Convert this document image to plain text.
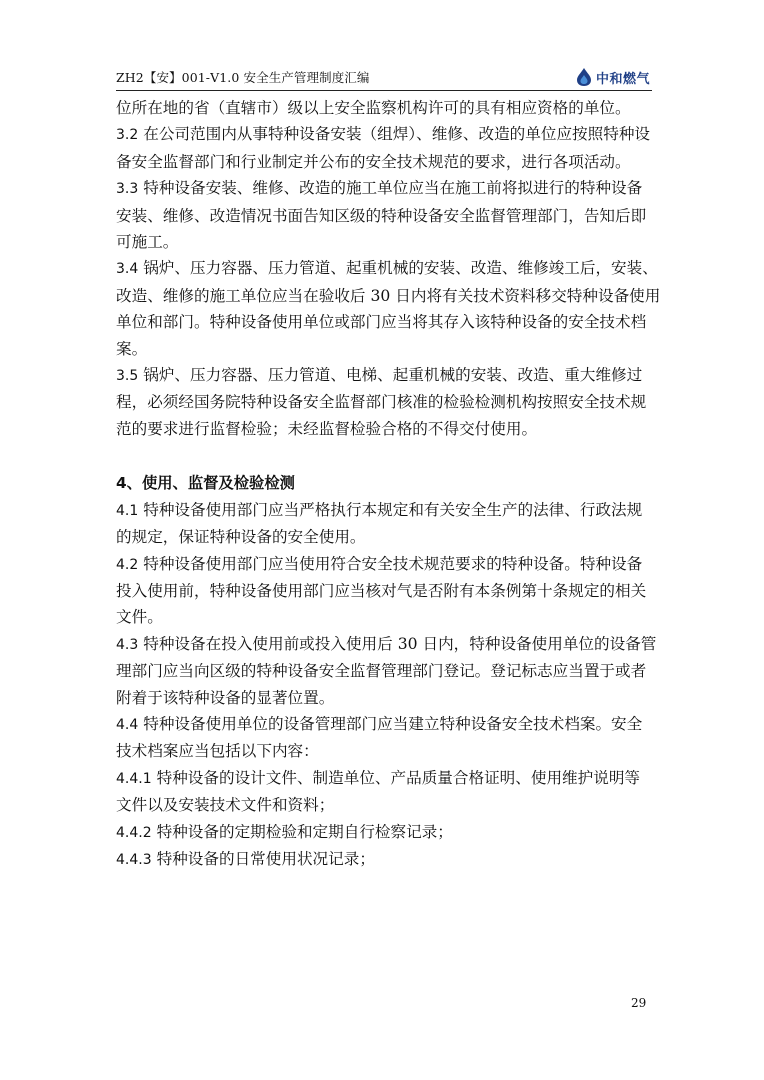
ZH2【安】001-V1.0 安全生产管理制度汇编	中和燃气

位所在地的省（直辖市）级以上安全监察机构许可的具有相应资格的单位。

3.2 在公司范围内从事特种设备安装（组焊）、维修、改造的单位应按照特种设

备安全监督部门和行业制定并公布的安全技术规范的要求，进行各项活动。

3.3 特种设备安装、维修、改造的施工单位应当在施工前将拟进行的特种设备

安装、维修、改造情况书面告知区级的特种设备安全监督管理部门，告知后即

可施工。

3.4 锅炉、压力容器、压力管道、起重机械的安装、改造、维修竣工后，安装、

改造、维修的施工单位应当在验收后 30 日内将有关技术资料移交特种设备使用

单位和部门。特种设备使用单位或部门应当将其存入该特种设备的安全技术档

案。

3.5 锅炉、压力容器、压力管道、电梯、起重机械的安装、改造、重大维修过

程，必须经国务院特种设备安全监督部门核准的检验检测机构按照安全技术规

范的要求进行监督检验；未经监督检验合格的不得交付使用。

4、使用、监督及检验检测

4.1 特种设备使用部门应当严格执行本规定和有关安全生产的法律、行政法规

的规定，保证特种设备的安全使用。

4.2 特种设备使用部门应当使用符合安全技术规范要求的特种设备。特种设备

投入使用前，特种设备使用部门应当核对气是否附有本条例第十条规定的相关

文件。

4.3 特种设备在投入使用前或投入使用后 30 日内，特种设备使用单位的设备管

理部门应当向区级的特种设备安全监督管理部门登记。登记标志应当置于或者

附着于该特种设备的显著位置。

4.4 特种设备使用单位的设备管理部门应当建立特种设备安全技术档案。安全

技术档案应当包括以下内容：

4.4.1 特种设备的设计文件、制造单位、产品质量合格证明、使用维护说明等

文件以及安装技术文件和资料；

4.4.2 特种设备的定期检验和定期自行检察记录；

4.4.3 特种设备的日常使用状况记录；

29
